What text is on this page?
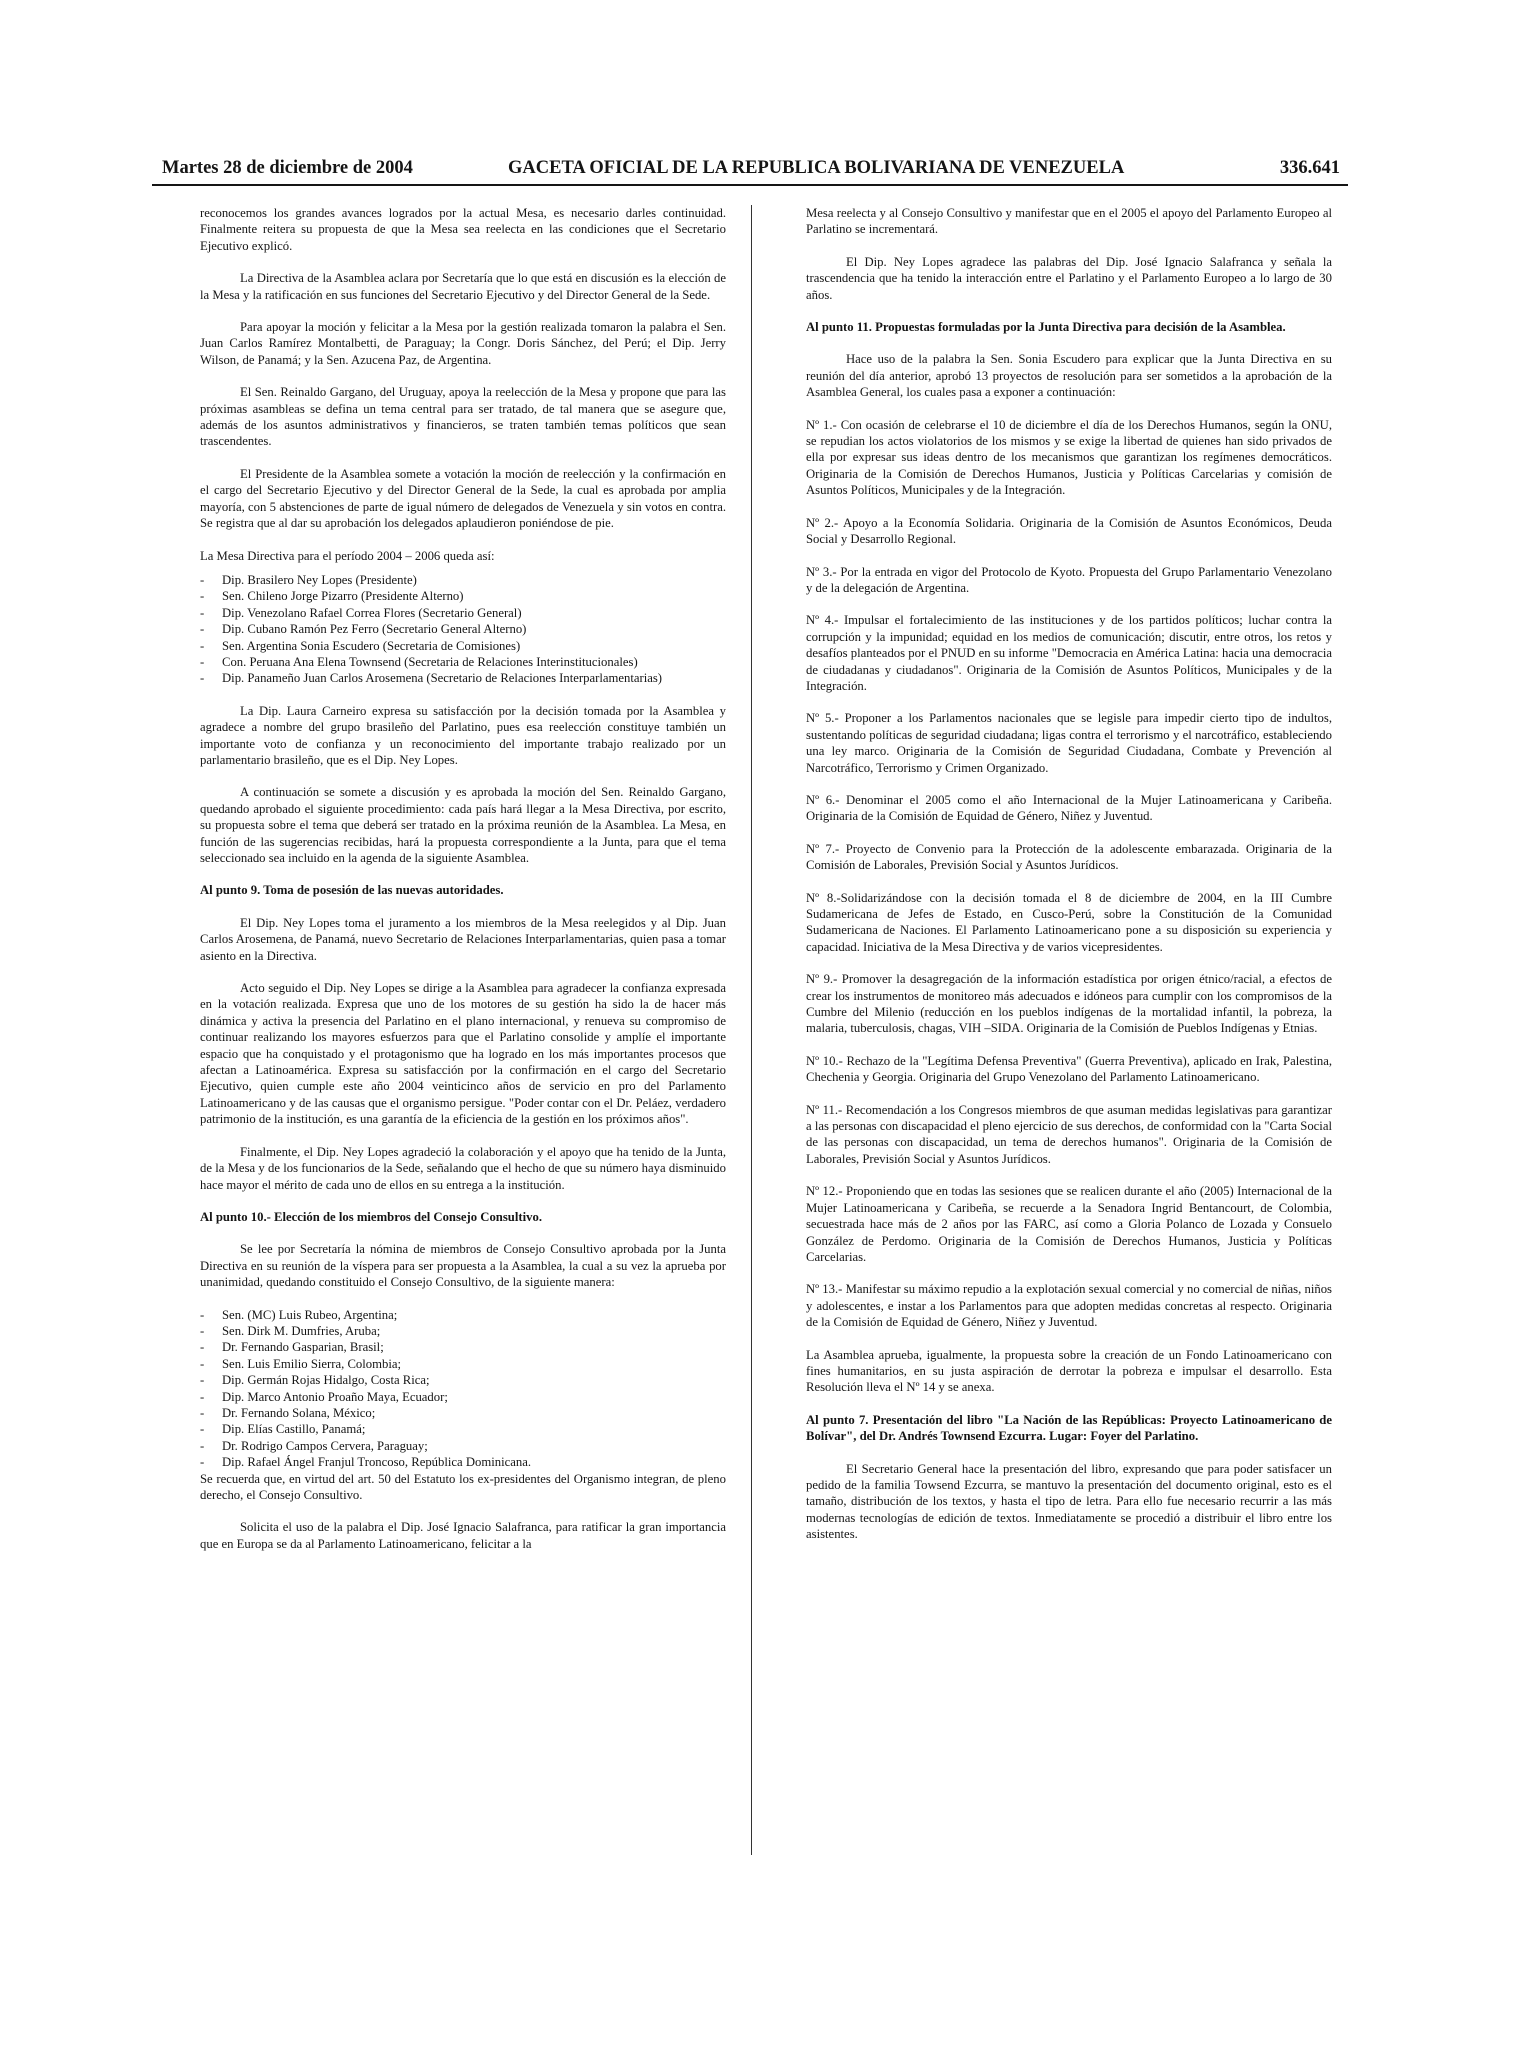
Martes 28 de diciembre de 2004	GACETA OFICIAL DE LA REPUBLICA BOLIVARIANA DE VENEZUELA	336.641

reconocemos los grandes avances logrados por la actual Mesa, es necesario darles continuidad. Finalmente reitera su propuesta de que la Mesa sea reelecta en las condiciones que el Secretario Ejecutivo explicó.

La Directiva de la Asamblea aclara por Secretaría que lo que está en discusión es la elección de la Mesa y la ratificación en sus funciones del Secretario Ejecutivo y del Director General de la Sede.

Para apoyar la moción y felicitar a la Mesa por la gestión realizada tomaron la palabra el Sen. Juan Carlos Ramírez Montalbetti, de Paraguay; la Congr. Doris Sánchez, del Perú; el Dip. Jerry Wilson, de Panamá; y la Sen. Azucena Paz, de Argentina.

El Sen. Reinaldo Gargano, del Uruguay, apoya la reelección de la Mesa y propone que para las próximas asambleas se defina un tema central para ser tratado, de tal manera que se asegure que, además de los asuntos administrativos y financieros, se traten también temas políticos que sean trascendentes.

El Presidente de la Asamblea somete a votación la moción de reelección y la confirmación en el cargo del Secretario Ejecutivo y del Director General de la Sede, la cual es aprobada por amplia mayoría, con 5 abstenciones de parte de igual número de delegados de Venezuela y sin votos en contra. Se registra que al dar su aprobación los delegados aplaudieron poniéndose de pie.

La Mesa Directiva para el período 2004 – 2006 queda así:

- Dip. Brasilero Ney Lopes (Presidente)
- Sen. Chileno Jorge Pizarro (Presidente Alterno)
- Dip. Venezolano Rafael Correa Flores (Secretario General)
- Dip. Cubano Ramón Pez Ferro (Secretario General Alterno)
- Sen. Argentina Sonia Escudero (Secretaria de Comisiones)
- Con. Peruana Ana Elena Townsend (Secretaria de Relaciones Interinstitucionales)
- Dip. Panameño Juan Carlos Arosemena (Secretario de Relaciones Interparlamentarias)

La Dip. Laura Carneiro expresa su satisfacción por la decisión tomada por la Asamblea y agradece a nombre del grupo brasileño del Parlatino, pues esa reelección constituye también un importante voto de confianza y un reconocimiento del importante trabajo realizado por un parlamentario brasileño, que es el Dip. Ney Lopes.

A continuación se somete a discusión y es aprobada la moción del Sen. Reinaldo Gargano, quedando aprobado el siguiente procedimiento: cada país hará llegar a la Mesa Directiva, por escrito, su propuesta sobre el tema que deberá ser tratado en la próxima reunión de la Asamblea. La Mesa, en función de las sugerencias recibidas, hará la propuesta correspondiente a la Junta, para que el tema seleccionado sea incluido en la agenda de la siguiente Asamblea.

Al punto 9. Toma de posesión de las nuevas autoridades.

El Dip. Ney Lopes toma el juramento a los miembros de la Mesa reelegidos y al Dip. Juan Carlos Arosemena, de Panamá, nuevo Secretario de Relaciones Interparlamentarias, quien pasa a tomar asiento en la Directiva.

Acto seguido el Dip. Ney Lopes se dirige a la Asamblea para agradecer la confianza expresada en la votación realizada. Expresa que uno de los motores de su gestión ha sido la de hacer más dinámica y activa la presencia del Parlatino en el plano internacional, y renueva su compromiso de continuar realizando los mayores esfuerzos para que el Parlatino consolide y amplíe el importante espacio que ha conquistado y el protagonismo que ha logrado en los más importantes procesos que afectan a Latinoamérica. Expresa su satisfacción por la confirmación en el cargo del Secretario Ejecutivo, quien cumple este año 2004 veinticinco años de servicio en pro del Parlamento Latinoamericano y de las causas que el organismo persigue. "Poder contar con el Dr. Peláez, verdadero patrimonio de la institución, es una garantía de la eficiencia de la gestión en los próximos años".

Finalmente, el Dip. Ney Lopes agradeció la colaboración y el apoyo que ha tenido de la Junta, de la Mesa y de los funcionarios de la Sede, señalando que el hecho de que su número haya disminuido hace mayor el mérito de cada uno de ellos en su entrega a la institución.

Al punto 10.- Elección de los miembros del Consejo Consultivo.

Se lee por Secretaría la nómina de miembros de Consejo Consultivo aprobada por la Junta Directiva en su reunión de la víspera para ser propuesta a la Asamblea, la cual a su vez la aprueba por unanimidad, quedando constituido el Consejo Consultivo, de la siguiente manera:

- Sen. (MC) Luis Rubeo, Argentina;
- Sen. Dirk M. Dumfries, Aruba;
- Dr. Fernando Gasparian, Brasil;
- Sen. Luis Emilio Sierra, Colombia;
- Dip. Germán Rojas Hidalgo, Costa Rica;
- Dip. Marco Antonio Proaño Maya, Ecuador;
- Dr. Fernando Solana, México;
- Dip. Elías Castillo, Panamá;
- Dr. Rodrigo Campos Cervera, Paraguay;
- Dip. Rafael Ángel Franjul Troncoso, República Dominicana.

Se recuerda que, en virtud del art. 50 del Estatuto los ex-presidentes del Organismo integran, de pleno derecho, el Consejo Consultivo.

Solicita el uso de la palabra el Dip. José Ignacio Salafranca, para ratificar la gran importancia que en Europa se da al Parlamento Latinoamericano, felicitar a la

Mesa reelecta y al Consejo Consultivo y manifestar que en el 2005 el apoyo del Parlamento Europeo al Parlatino se incrementará.

El Dip. Ney Lopes agradece las palabras del Dip. José Ignacio Salafranca y señala la trascendencia que ha tenido la interacción entre el Parlatino y el Parlamento Europeo a lo largo de 30 años.

Al punto 11. Propuestas formuladas por la Junta Directiva para decisión de la Asamblea.

Hace uso de la palabra la Sen. Sonia Escudero para explicar que la Junta Directiva en su reunión del día anterior, aprobó 13 proyectos de resolución para ser sometidos a la aprobación de la Asamblea General, los cuales pasa a exponer a continuación:

Nº 1.- Con ocasión de celebrarse el 10 de diciembre el día de los Derechos Humanos, según la ONU, se repudian los actos violatorios de los mismos y se exige la libertad de quienes han sido privados de ella por expresar sus ideas dentro de los mecanismos que garantizan los regímenes democráticos. Originaria de la Comisión de Derechos Humanos, Justicia y Políticas Carcelarias y comisión de Asuntos Políticos, Municipales y de la Integración.

Nº 2.- Apoyo a la Economía Solidaria. Originaria de la Comisión de Asuntos Económicos, Deuda Social y Desarrollo Regional.

Nº 3.- Por la entrada en vigor del Protocolo de Kyoto. Propuesta del Grupo Parlamentario Venezolano y de la delegación de Argentina.

Nº 4.- Impulsar el fortalecimiento de las instituciones y de los partidos políticos; luchar contra la corrupción y la impunidad; equidad en los medios de comunicación; discutir, entre otros, los retos y desafíos planteados por el PNUD en su informe "Democracia en América Latina: hacia una democracia de ciudadanas y ciudadanos". Originaria de la Comisión de Asuntos Políticos, Municipales y de la Integración.

Nº 5.- Proponer a los Parlamentos nacionales que se legisle para impedir cierto tipo de indultos, sustentando políticas de seguridad ciudadana; ligas contra el terrorismo y el narcotráfico, estableciendo una ley marco. Originaria de la Comisión de Seguridad Ciudadana, Combate y Prevención al Narcotráfico, Terrorismo y Crimen Organizado.

Nº 6.- Denominar el 2005 como el año Internacional de la Mujer Latinoamericana y Caribeña. Originaria de la Comisión de Equidad de Género, Niñez y Juventud.

Nº 7.- Proyecto de Convenio para la Protección de la adolescente embarazada. Originaria de la Comisión de Laborales, Previsión Social y Asuntos Jurídicos.

Nº 8.-Solidarizándose con la decisión tomada el 8 de diciembre de 2004, en la III Cumbre Sudamericana de Jefes de Estado, en Cusco-Perú, sobre la Constitución de la Comunidad Sudamericana de Naciones. El Parlamento Latinoamericano pone a su disposición su experiencia y capacidad. Iniciativa de la Mesa Directiva y de varios vicepresidentes.

Nº 9.- Promover la desagregación de la información estadística por origen étnico/racial, a efectos de crear los instrumentos de monitoreo más adecuados e idóneos para cumplir con los compromisos de la Cumbre del Milenio (reducción en los pueblos indígenas de la mortalidad infantil, la pobreza, la malaria, tuberculosis, chagas, VIH –SIDA. Originaria de la Comisión de Pueblos Indígenas y Etnias.

Nº 10.- Rechazo de la "Legítima Defensa Preventiva" (Guerra Preventiva), aplicado en Irak, Palestina, Chechenia y Georgia. Originaria del Grupo Venezolano del Parlamento Latinoamericano.

Nº 11.- Recomendación a los Congresos miembros de que asuman medidas legislativas para garantizar a las personas con discapacidad el pleno ejercicio de sus derechos, de conformidad con la "Carta Social de las personas con discapacidad, un tema de derechos humanos". Originaria de la Comisión de Laborales, Previsión Social y Asuntos Jurídicos.

Nº 12.- Proponiendo que en todas las sesiones que se realicen durante el año (2005) Internacional de la Mujer Latinoamericana y Caribeña, se recuerde a la Senadora Ingrid Bentancourt, de Colombia, secuestrada hace más de 2 años por las FARC, así como a Gloria Polanco de Lozada y Consuelo González de Perdomo. Originaria de la Comisión de Derechos Humanos, Justicia y Políticas Carcelarias.

Nº 13.- Manifestar su máximo repudio a la explotación sexual comercial y no comercial de niñas, niños y adolescentes, e instar a los Parlamentos para que adopten medidas concretas al respecto. Originaria de la Comisión de Equidad de Género, Niñez y Juventud.

La Asamblea aprueba, igualmente, la propuesta sobre la creación de un Fondo Latinoamericano con fines humanitarios, en su justa aspiración de derrotar la pobreza e impulsar el desarrollo. Esta Resolución lleva el Nº 14 y se anexa.

Al punto 7. Presentación del libro "La Nación de las Repúblicas: Proyecto Latinoamericano de Bolívar", del Dr. Andrés Townsend Ezcurra. Lugar: Foyer del Parlatino.

El Secretario General hace la presentación del libro, expresando que para poder satisfacer un pedido de la familia Towsend Ezcurra, se mantuvo la presentación del documento original, esto es el tamaño, distribución de los textos, y hasta el tipo de letra. Para ello fue necesario recurrir a las más modernas tecnologías de edición de textos. Inmediatamente se procedió a distribuir el libro entre los asistentes.
